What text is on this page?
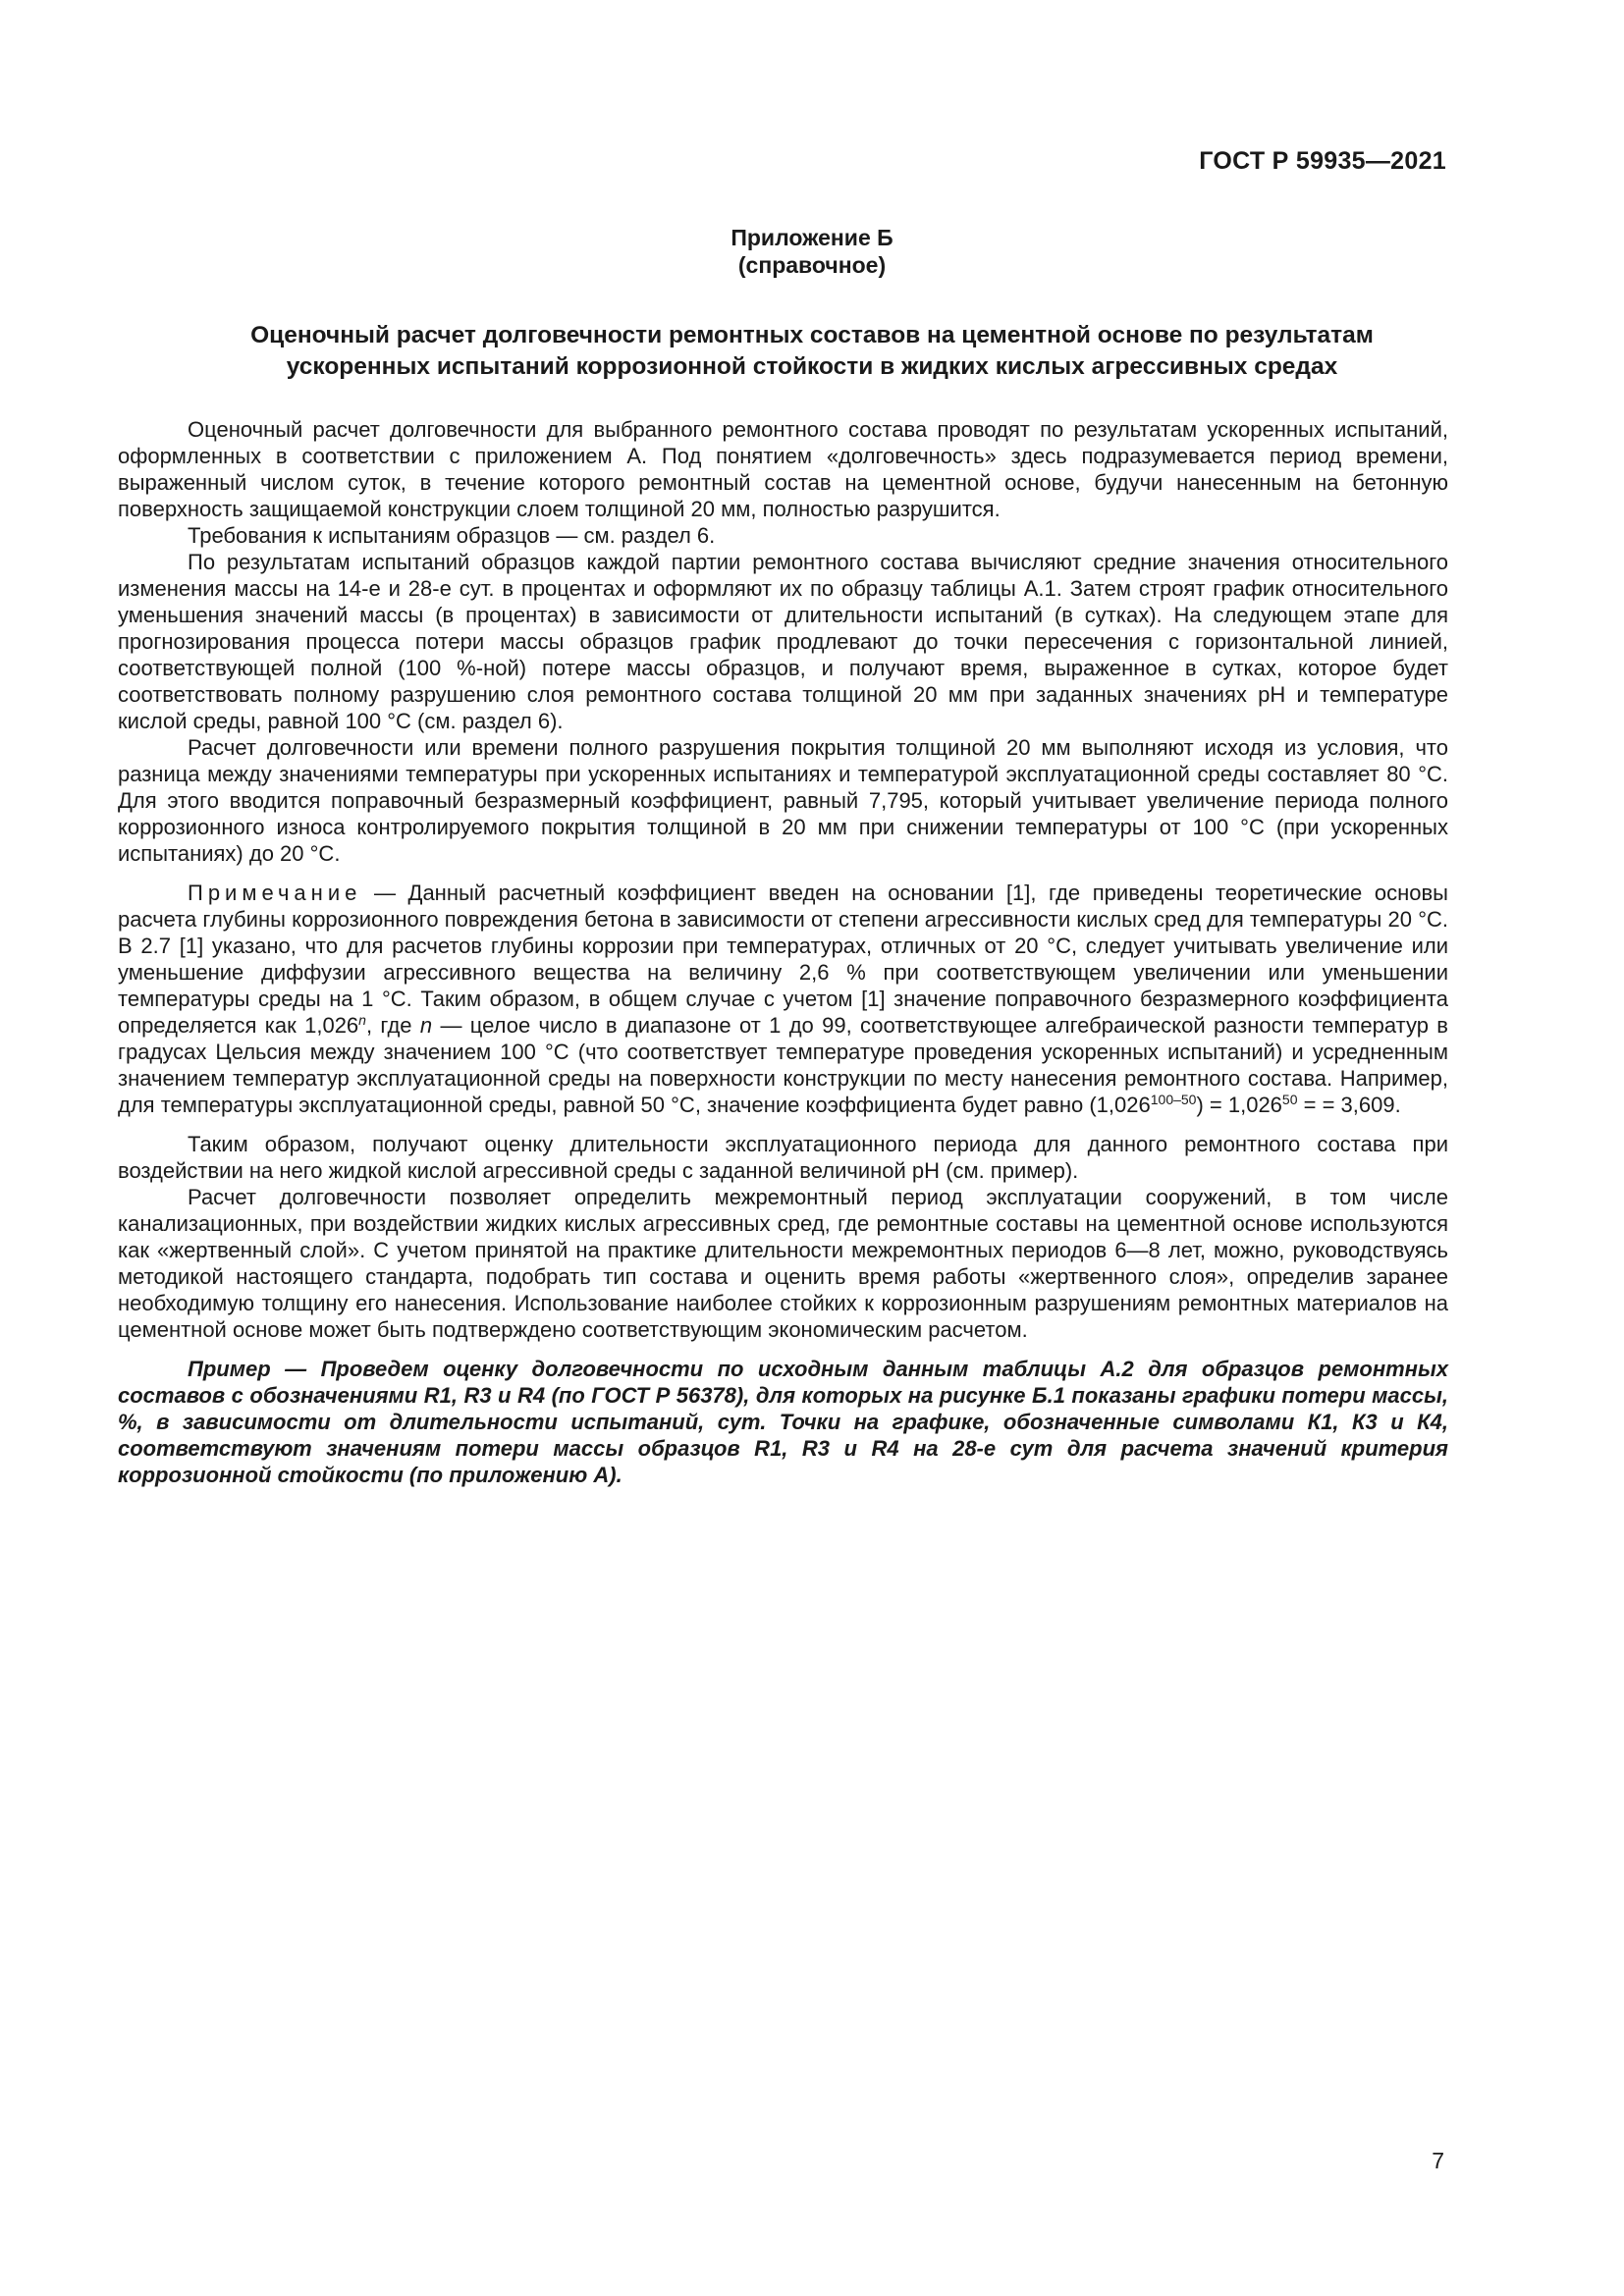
ГОСТ Р 59935—2021
Приложение Б
(справочное)
Оценочный расчет долговечности ремонтных составов на цементной основе по результатам
ускоренных испытаний коррозионной стойкости в жидких кислых агрессивных средах

Оценочный расчет долговечности для выбранного ремонтного состава проводят по результатам ускоренных испытаний, оформленных в соответствии с приложением А. Под понятием «долговечность» здесь подразумевается период времени, выраженный числом суток, в течение которого ремонтный состав на цементной основе, будучи нанесенным на бетонную поверхность защищаемой конструкции слоем толщиной 20 мм, полностью разрушится.

Требования к испытаниям образцов — см. раздел 6.

По результатам испытаний образцов каждой партии ремонтного состава вычисляют средние значения относительного изменения массы на 14-е и 28-е сут. в процентах и оформляют их по образцу таблицы А.1. Затем строят график относительного уменьшения значений массы (в процентах) в зависимости от длительности испытаний (в сутках). На следующем этапе для прогнозирования процесса потери массы образцов график продлевают до точки пересечения с горизонтальной линией, соответствующей полной (100 %-ной) потере массы образцов, и получают время, выраженное в сутках, которое будет соответствовать полному разрушению слоя ремонтного состава толщиной 20 мм при заданных значениях рН и температуре кислой среды, равной 100 °С (см. раздел 6).

Расчет долговечности или времени полного разрушения покрытия толщиной 20 мм выполняют исходя из условия, что разница между значениями температуры при ускоренных испытаниях и температурой эксплуатационной среды составляет 80 °С. Для этого вводится поправочный безразмерный коэффициент, равный 7,795, который учитывает увеличение периода полного коррозионного износа контролируемого покрытия толщиной в 20 мм при снижении температуры от 100 °С (при ускоренных испытаниях) до 20 °С.

Примечание — Данный расчетный коэффициент введен на основании [1], где приведены теоретические основы расчета глубины коррозионного повреждения бетона в зависимости от степени агрессивности кислых сред для температуры 20 °С. В 2.7 [1] указано, что для расчетов глубины коррозии при температурах, отличных от 20 °С, следует учитывать увеличение или уменьшение диффузии агрессивного вещества на величину 2,6 % при соответствующем увеличении или уменьшении температуры среды на 1 °С. Таким образом, в общем случае с учетом [1] значение поправочного безразмерного коэффициента определяется как 1,026$^n$, где n — целое число в диапазоне от 1 до 99, соответствующее алгебраической разности температур в градусах Цельсия между значением 100 °С (что соответствует температуре проведения ускоренных испытаний) и усредненным значением температур эксплуатационной среды на поверхности конструкции по месту нанесения ремонтного состава. Например, для температуры эксплуатационной среды, равной 50 °С, значение коэффициента будет равно $(1,026^{100-50}) = 1,026^{50}$ = = 3,609.

Таким образом, получают оценку длительности эксплуатационного периода для данного ремонтного состава при воздействии на него жидкой кислой агрессивной среды с заданной величиной рН (см. пример).

Расчет долговечности позволяет определить межремонтный период эксплуатации сооружений, в том числе канализационных, при воздействии жидких кислых агрессивных сред, где ремонтные составы на цементной основе используются как «жертвенный слой». С учетом принятой на практике длительности межремонтных периодов 6—8 лет, можно, руководствуясь методикой настоящего стандарта, подобрать тип состава и оценить время работы «жертвенного слоя», определив заранее необходимую толщину его нанесения. Использование наиболее стойких к коррозионным разрушениям ремонтных материалов на цементной основе может быть подтверждено соответствующим экономическим расчетом.

Пример — Проведем оценку долговечности по исходным данным таблицы А.2 для образцов ремонтных составов с обозначениями R1, R3 и R4 (по ГОСТ Р 56378), для которых на рисунке Б.1 показаны графики потери массы, %, в зависимости от длительности испытаний, сут. Точки на графике, обозначенные символами К1, К3 и К4, соответствуют значениям потери массы образцов R1, R3 и R4 на 28-е сут для расчета значений критерия коррозионной стойкости (по приложению А).

7
